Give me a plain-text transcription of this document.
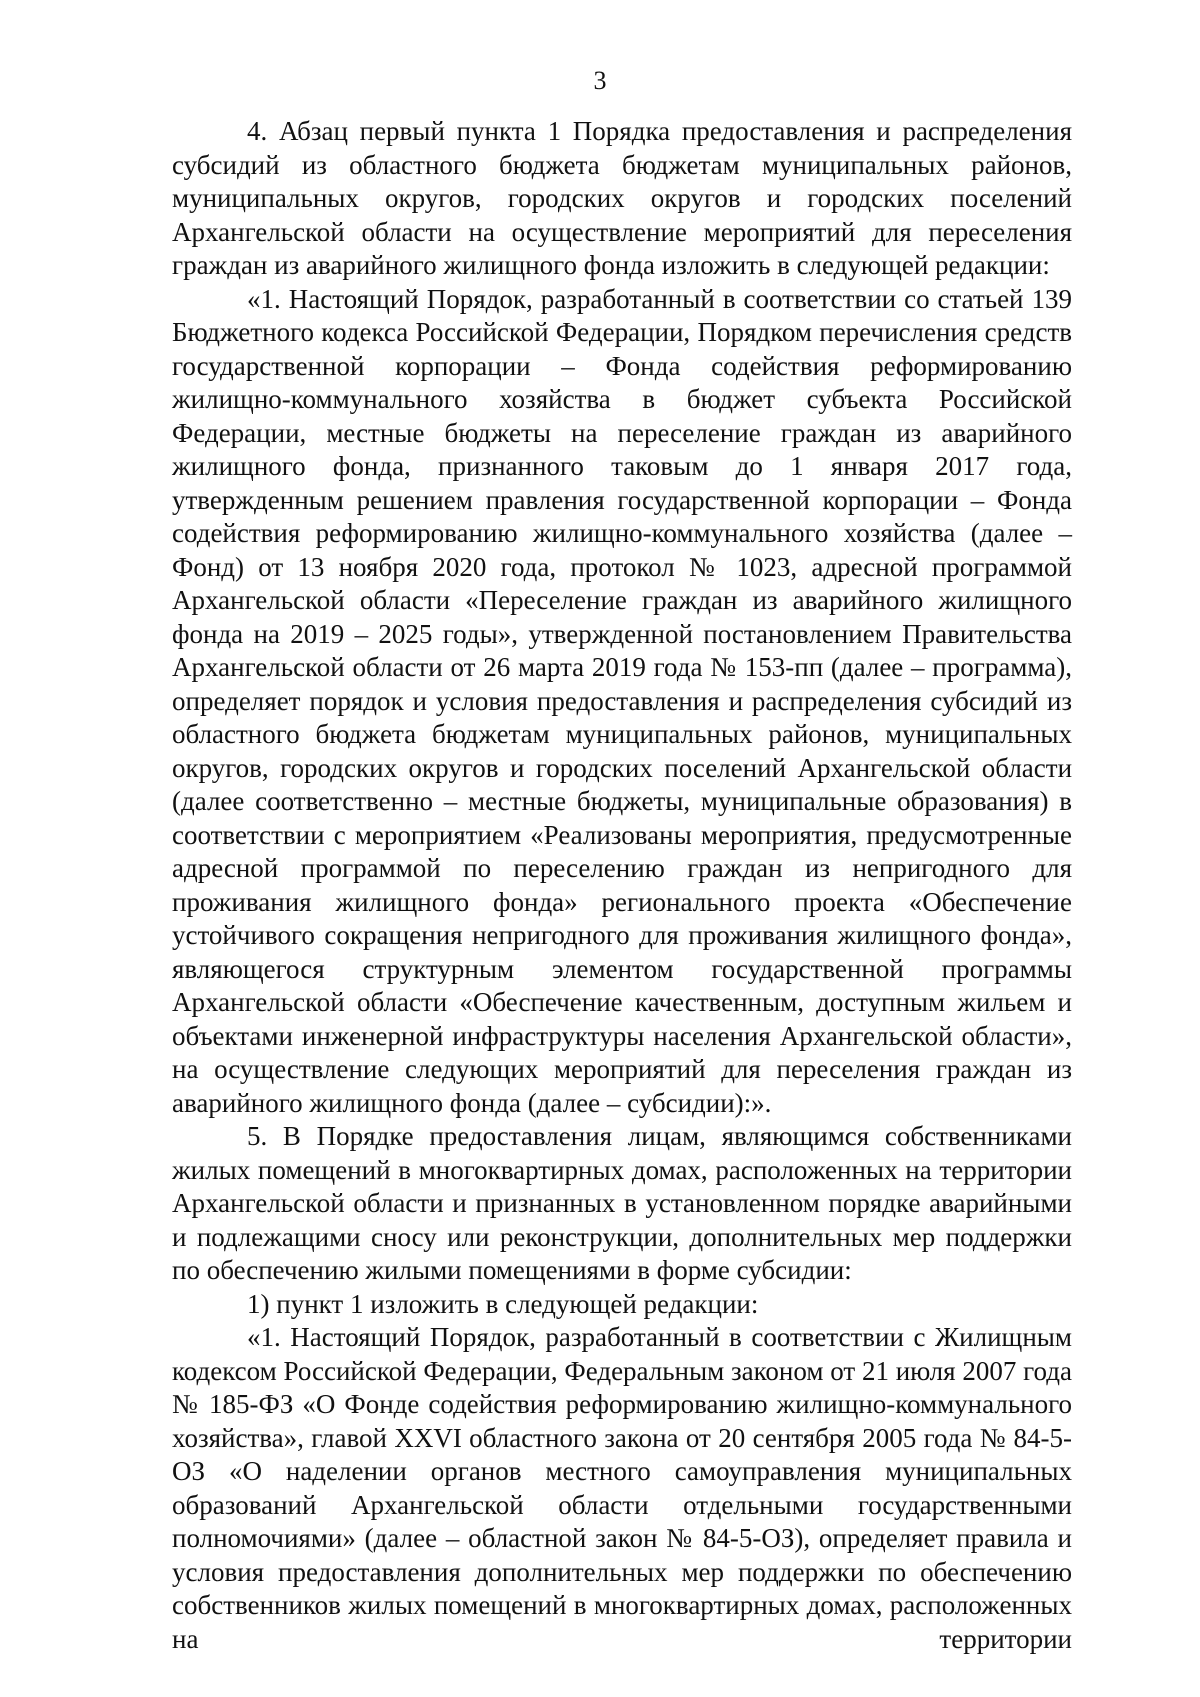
3

4. Абзац первый пункта 1 Порядка предоставления и распределения субсидий из областного бюджета бюджетам муниципальных районов, муниципальных округов, городских округов и городских поселений Архангельской области на осуществление мероприятий для переселения граждан из аварийного жилищного фонда изложить в следующей редакции:

«1. Настоящий Порядок, разработанный в соответствии со статьей 139 Бюджетного кодекса Российской Федерации, Порядком перечисления средств государственной корпорации – Фонда содействия реформированию жилищно-коммунального хозяйства в бюджет субъекта Российской Федерации, местные бюджеты на переселение граждан из аварийного жилищного фонда, признанного таковым до 1 января 2017 года, утвержденным решением правления государственной корпорации – Фонда содействия реформированию жилищно-коммунального хозяйства (далее – Фонд) от 13 ноября 2020 года, протокол № 1023, адресной программой Архангельской области «Переселение граждан из аварийного жилищного фонда на 2019 – 2025 годы», утвержденной постановлением Правительства Архангельской области от 26 марта 2019 года № 153-пп (далее – программа), определяет порядок и условия предоставления и распределения субсидий из областного бюджета бюджетам муниципальных районов, муниципальных округов, городских округов и городских поселений Архангельской области (далее соответственно – местные бюджеты, муниципальные образования) в соответствии с мероприятием «Реализованы мероприятия, предусмотренные адресной программой по переселению граждан из непригодного для проживания жилищного фонда» регионального проекта «Обеспечение устойчивого сокращения непригодного для проживания жилищного фонда», являющегося структурным элементом государственной программы Архангельской области «Обеспечение качественным, доступным жильем и объектами инженерной инфраструктуры населения Архангельской области», на осуществление следующих мероприятий для переселения граждан из аварийного жилищного фонда (далее – субсидии):».

5. В Порядке предоставления лицам, являющимся собственниками жилых помещений в многоквартирных домах, расположенных на территории Архангельской области и признанных в установленном порядке аварийными и подлежащими сносу или реконструкции, дополнительных мер поддержки по обеспечению жилыми помещениями в форме субсидии:

1) пункт 1 изложить в следующей редакции:

«1. Настоящий Порядок, разработанный в соответствии с Жилищным кодексом Российской Федерации, Федеральным законом от 21 июля 2007 года № 185-ФЗ «О Фонде содействия реформированию жилищно-коммунального хозяйства», главой XXVI областного закона от 20 сентября 2005 года № 84-5-ОЗ «О наделении органов местного самоуправления муниципальных образований Архангельской области отдельными государственными полномочиями» (далее – областной закон № 84-5-ОЗ), определяет правила и условия предоставления дополнительных мер поддержки по обеспечению собственников жилых помещений в многоквартирных домах, расположенных на территории
